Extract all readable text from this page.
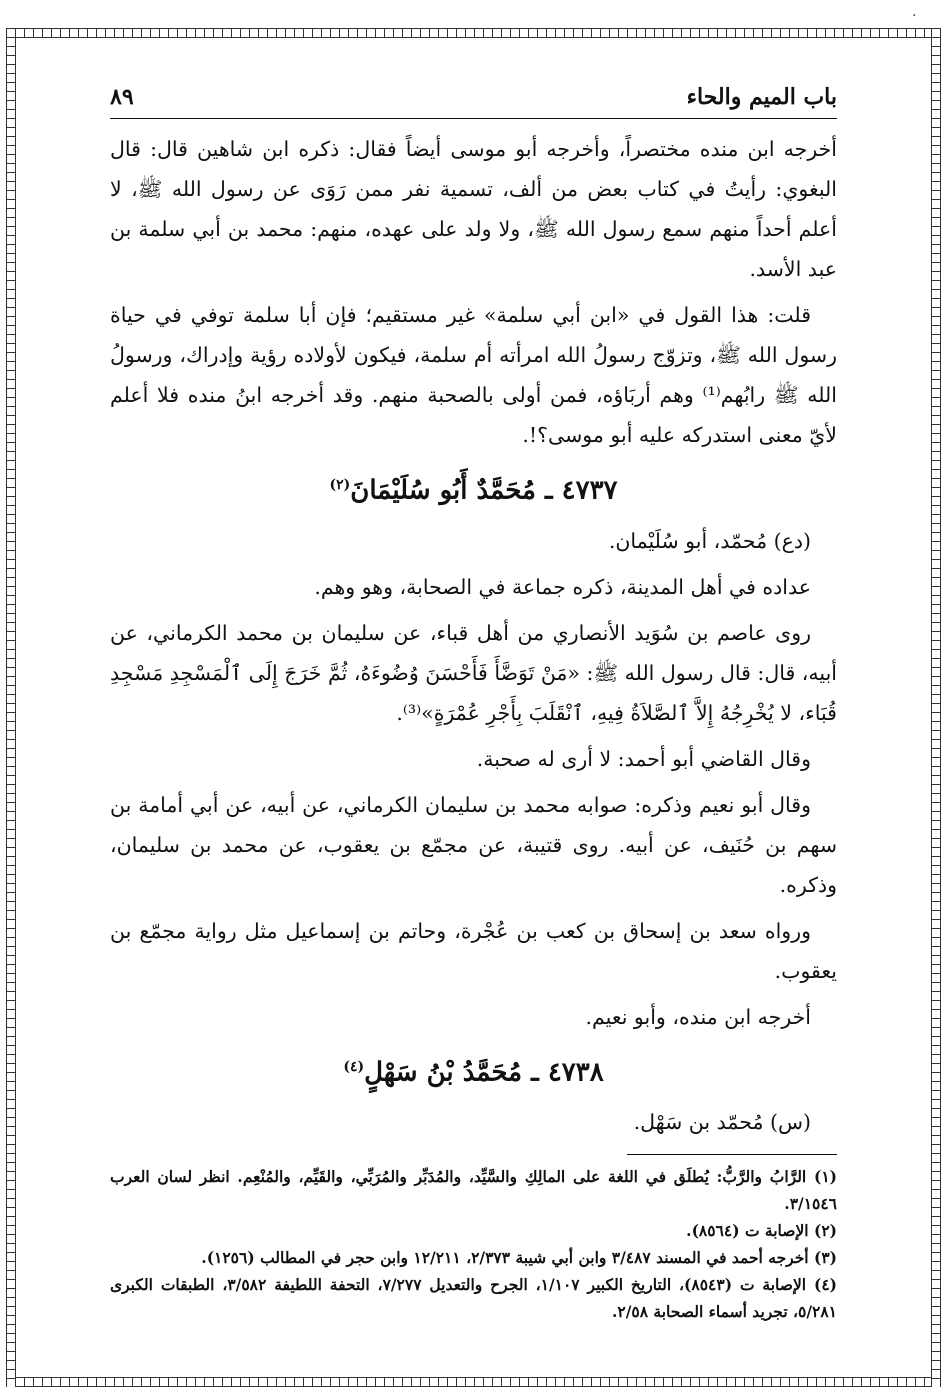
باب الميم والحاء
٨٩

أخرجه ابن منده مختصراً، وأخرجه أبو موسى أيضاً فقال: ذكره ابن شاهين قال: قال البغوي: رأيتُ في كتاب بعض من ألف، تسمية نفر ممن رَوَى عن رسول الله ﷺ، لا أعلم أحداً منهم سمع رسول الله ﷺ، ولا ولد على عهده، منهم: محمد بن أبي سلمة بن عبد الأسد.

قلت: هذا القول في «ابن أبي سلمة» غير مستقيم؛ فإن أبا سلمة توفي في حياة رسول الله ﷺ، وتزوّج رسولُ الله امرأته أم سلمة، فيكون لأولاده رؤية وإدراك، ورسولُ الله ﷺ رابُهم⁽¹⁾ وهم أربَاؤه، فمن أولى بالصحبة منهم. وقد أخرجه ابنُ منده فلا أعلم لأيّ معنى استدركه عليه أبو موسى؟!.

٤٧٣٧ ـ مُحَمَّدٌ أَبُو سُلَيْمَانَ$^{(٢)}$

(دع) مُحمّد، أبو سُلَيْمان.

عداده في أهل المدينة، ذكره جماعة في الصحابة، وهو وهم.

روى عاصم بن سُوَيد الأنصاري من أهل قباء، عن سليمان بن محمد الكرماني، عن أبيه، قال: قال رسول الله ﷺ: «مَنْ تَوَضَّأَ فَأَحْسَنَ وُضُوءَهُ، ثُمَّ خَرَجَ إِلَى ٱلْمَسْجِدِ مَسْجِدِ قُبَاء، لا يُخْرِجُهُ إِلاَّ ٱلصَّلاَةُ فِيهِ، ٱنْقَلَبَ بِأَجْرِ عُمْرَةٍ»⁽³⁾.

وقال القاضي أبو أحمد: لا أرى له صحبة.

وقال أبو نعيم وذكره: صوابه محمد بن سليمان الكرماني، عن أبيه، عن أبي أمامة بن سهم بن حُنَيف، عن أبيه. روى قتيبة، عن مجمّع بن يعقوب، عن محمد بن سليمان، وذكره.

ورواه سعد بن إسحاق بن كعب بن عُجْرة، وحاتم بن إسماعيل مثل رواية مجمّع بن يعقوب.

أخرجه ابن منده، وأبو نعيم.

٤٧٣٨ ـ مُحَمَّدُ بْنُ سَهْلٍ$^{(٤)}$

(س) مُحمّد بن سَهْل.

(١) الرَّابُ والرَّبُّ: يُطلَق في اللغة على المالِكِ والسَّيِّد، والمُدَبِّر والمُرَبِّي، والقَيِّم، والمُنْعِم. انظر لسان العرب ٣/١٥٤٦.

(٢) الإصابة ت (٨٥٦٤).

(٣) أخرجه أحمد في المسند ٣/٤٨٧ وابن أبي شيبة ٢/٣٧٣، ١٢/٢١١ وابن حجر في المطالب (١٢٥٦).

(٤) الإصابة ت (٨٥٤٣)، التاريخ الكبير ١/١٠٧، الجرح والتعديل ٧/٢٧٧، التحفة اللطيفة ٣/٥٨٢، الطبقات الكبرى ٥/٢٨١، تجريد أسماء الصحابة ٢/٥٨.

·
